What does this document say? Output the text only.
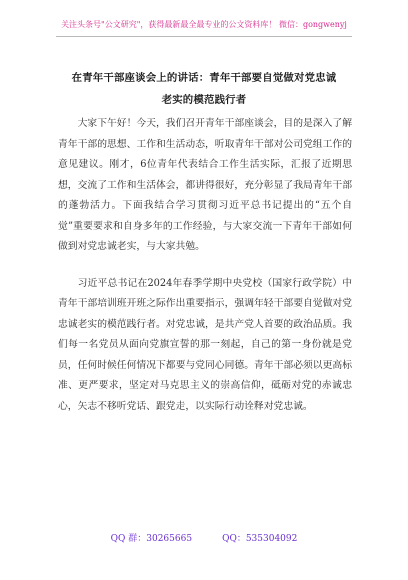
关注头条号"公文研究"，获得最新最全最专业的公文资料库！ 微信：gongwenyj
在青年干部座谈会上的讲话：青年干部要自觉做对党忠诚
老实的模范践行者

大家下午好！今天，我们召开青年干部座谈会，目的是深入了解青年干部的思想、工作和生活动态，听取青年干部对公司党组工作的意见建议。刚才，6位青年代表结合工作生活实际，汇报了近期思想，交流了工作和生活体会，都讲得很好，充分彰显了我局青年干部的蓬勃活力。下面我结合学习贯彻习近平总书记提出的“五个自觉”重要要求和自身多年的工作经验，与大家交流一下青年干部如何做到对党忠诚老实，与大家共勉。

习近平总书记在2024年春季学期中央党校（国家行政学院）中青年干部培训班开班之际作出重要指示，强调年轻干部要自觉做对党忠诚老实的模范践行者。对党忠诚，是共产党人首要的政治品质。我们每一名党员从面向党旗宣誓的那一刻起，自己的第一身份就是党员，任何时候任何情况下都要与党同心同德。青年干部必须以更高标准、更严要求，坚定对马克思主义的崇高信仰，砥砺对党的赤诚忠心，矢志不移听党话、跟党走，以实际行动诠释对党忠诚。

QQ 群：30265665	QQ：535304092
